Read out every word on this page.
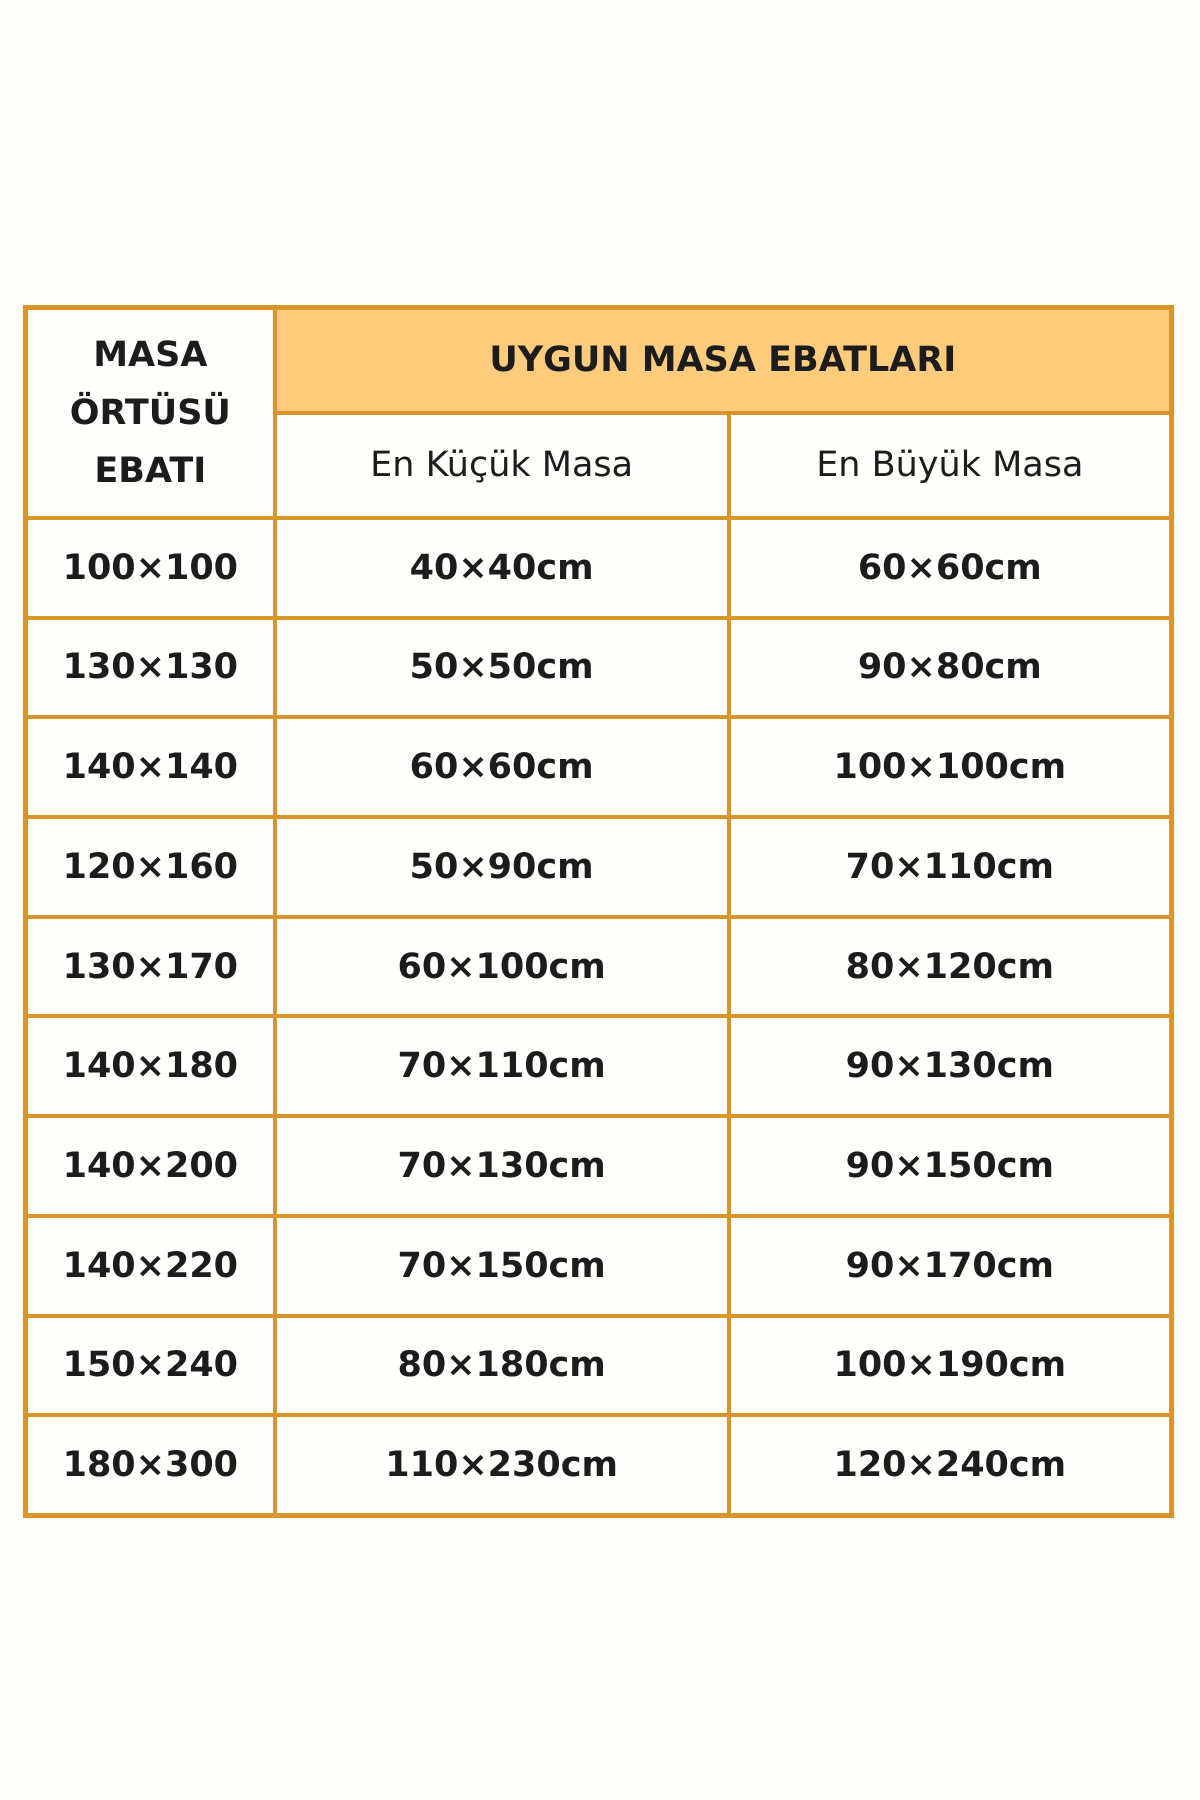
MASA
ÖRTÜSÜ
EBATI	UYGUN MASA EBATLARI	
	En Küçük Masa	En Büyük Masa
100×100	40×40cm	60×60cm
130×130	50×50cm	90×80cm
140×140	60×60cm	100×100cm
120×160	50×90cm	70×110cm
130×170	60×100cm	80×120cm
140×180	70×110cm	90×130cm
140×200	70×130cm	90×150cm
140×220	70×150cm	90×170cm
150×240	80×180cm	100×190cm
180×300	110×230cm	120×240cm
